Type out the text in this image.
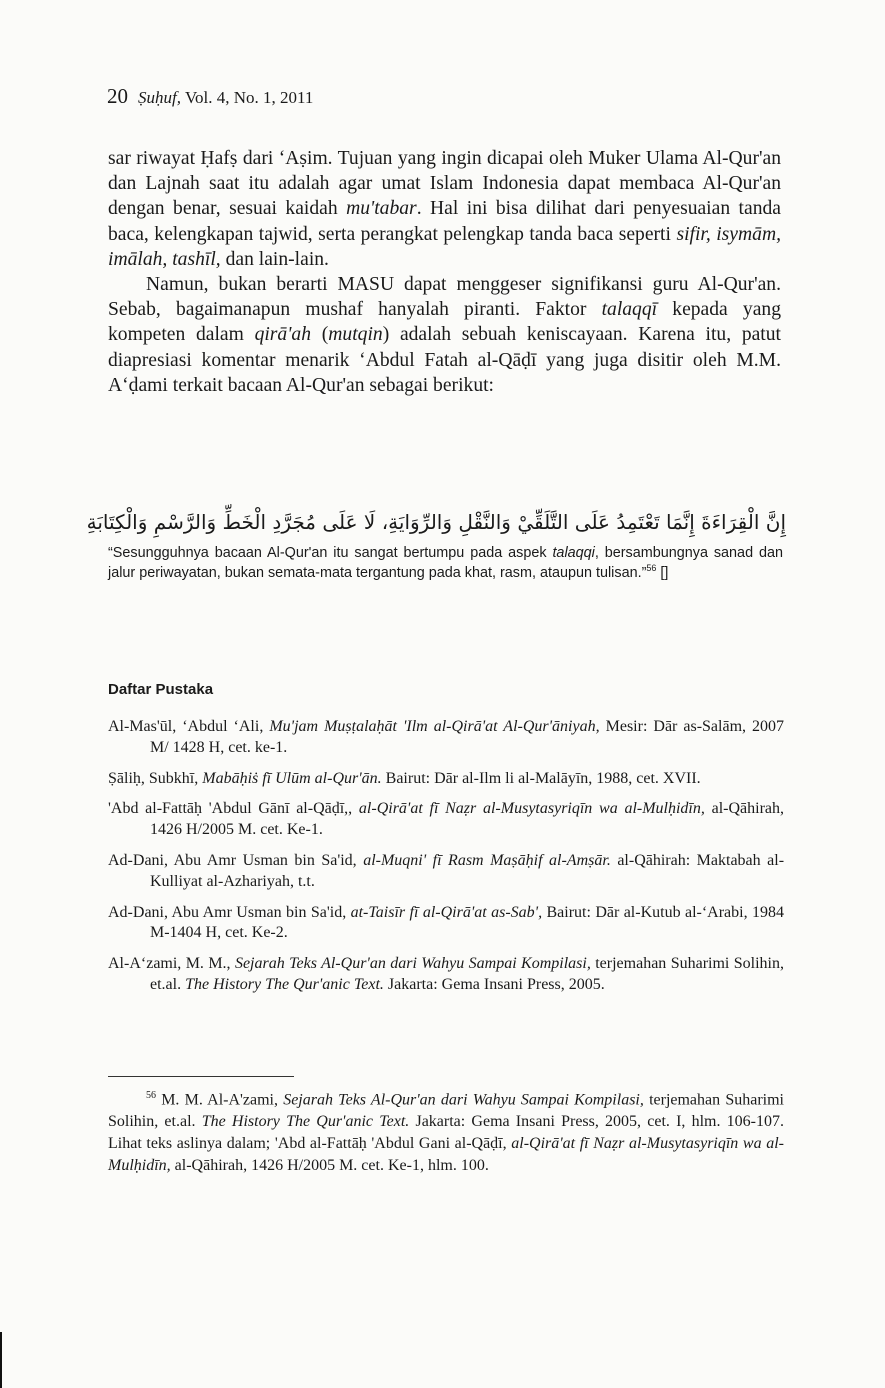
20 Ṣuḥuf, Vol. 4, No. 1, 2011

sar riwayat Ḥafṣ dari ‘Aṣim. Tujuan yang ingin dicapai oleh Muker Ulama Al-Qur'an dan Lajnah saat itu adalah agar umat Islam Indonesia dapat membaca Al-Qur'an dengan benar, sesuai kaidah mu'tabar. Hal ini bisa dilihat dari penyesuaian tanda baca, kelengkapan tajwid, serta perangkat pelengkap tanda baca seperti sifir, isymām, imālah, tashīl, dan lain-lain.

Namun, bukan berarti MASU dapat menggeser signifikansi guru Al-Qur'an. Sebab, bagaimanapun mushaf hanyalah piranti. Faktor talaqqī kepada yang kompeten dalam qirā'ah (mutqin) adalah sebuah keniscayaan. Karena itu, patut diapresiasi komentar menarik ‘Abdul Fatah al-Qāḍī yang juga disitir oleh M.M. A‘ḍami terkait bacaan Al-Qur'an sebagai berikut:

إِنَّ الْقِرَاءَةَ إِنَّمَا تَعْتَمِدُ عَلَى التَّلَقِّيْ وَالنَّقْلِ وَالرِّوَايَةِ، لَا عَلَى مُجَرَّدِ الْخَطِّ وَالرَّسْمِ وَالْكِتَابَةِ
“Sesungguhnya bacaan Al-Qur'an itu sangat bertumpu pada aspek talaqqi, bersambungnya sanad dan jalur periwayatan, bukan semata-mata tergantung pada khat, rasm, ataupun tulisan.”$^{56}$ []
Daftar Pustaka
Al-Mas'ūl, ‘Abdul ‘Ali, Mu'jam Muṣṭalaḥāt 'Ilm al-Qirā'at Al-Qur'āniyah, Mesir: Dār as-Salām, 2007 M/ 1428 H, cet. ke-1.
Ṣāliḥ, Subkhī, Mabāḥiṡ fī Ulūm al-Qur'ān. Bairut: Dār al-Ilm li al-Malāyīn, 1988, cet. XVII.
'Abd al-Fattāḥ 'Abdul Gānī al-Qāḍī,, al-Qirā'at fī Naẓr al-Musytasyriqīn wa al-Mulḥidīn, al-Qāhirah, 1426 H/2005 M. cet. Ke-1.
Ad-Dani, Abu Amr Usman bin Sa'id, al-Muqni' fī Rasm Maṣāḥif al-Amṣār. al-Qāhirah: Maktabah al-Kulliyat al-Azhariyah, t.t.
Ad-Dani, Abu Amr Usman bin Sa'id, at-Taisīr fī al-Qirā'at as-Sab', Bairut: Dār al-Kutub al-‘Arabi, 1984 M-1404 H, cet. Ke-2.
Al-A‘zami, M. M., Sejarah Teks Al-Qur'an dari Wahyu Sampai Kompilasi, terjemahan Suharimi Solihin, et.al. The History The Qur'anic Text. Jakarta: Gema Insani Press, 2005.

$^{56}$ M. M. Al-A'zami, Sejarah Teks Al-Qur'an dari Wahyu Sampai Kompilasi, terjemahan Suharimi Solihin, et.al. The History The Qur'anic Text. Jakarta: Gema Insani Press, 2005, cet. I, hlm. 106-107. Lihat teks aslinya dalam; 'Abd al-Fattāḥ 'Abdul Gani al-Qāḍī, al-Qirā'at fī Naẓr al-Musytasyriqīn wa al-Mulḥidīn, al-Qāhirah, 1426 H/2005 M. cet. Ke-1, hlm. 100.
